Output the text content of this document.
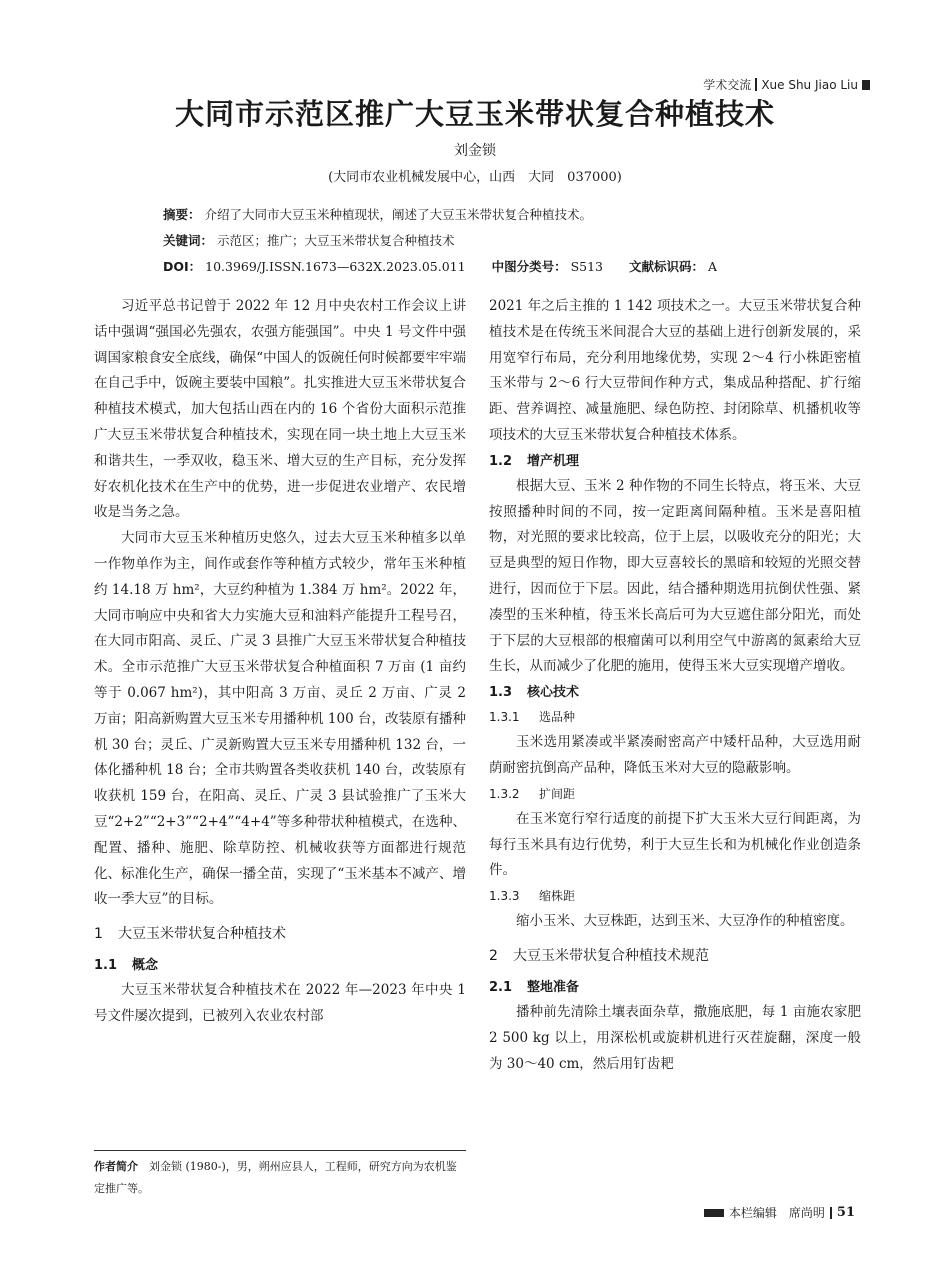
学术交流 Xue Shu Jiao Liu
大同市示范区推广大豆玉米带状复合种植技术
刘金锁
(大同市农业机械发展中心，山西　大同　037000)
摘要： 介绍了大同市大豆玉米种植现状，阐述了大豆玉米带状复合种植技术。
关键词： 示范区；推广；大豆玉米带状复合种植技术
DOI： 10.3969/J.ISSN.1673—632X.2023.05.011 中图分类号： S513 文献标识码： A

习近平总书记曾于 2022 年 12 月中央农村工作会议上讲话中强调“强国必先强农，农强方能强国”。中央 1 号文件中强调国家粮食安全底线，确保“中国人的饭碗任何时候都要牢牢端在自己手中，饭碗主要装中国粮”。扎实推进大豆玉米带状复合种植技术模式，加大包括山西在内的 16 个省份大面积示范推广大豆玉米带状复合种植技术，实现在同一块土地上大豆玉米和谐共生，一季双收，稳玉米、增大豆的生产目标，充分发挥好农机化技术在生产中的优势，进一步促进农业增产、农民增收是当务之急。

大同市大豆玉米种植历史悠久，过去大豆玉米种植多以单一作物单作为主，间作或套作等种植方式较少，常年玉米种植约 14.18 万 hm²，大豆约种植为 1.384 万 hm²。2022 年，大同市响应中央和省大力实施大豆和油料产能提升工程号召，在大同市阳高、灵丘、广灵 3 县推广大豆玉米带状复合种植技术。全市示范推广大豆玉米带状复合种植面积 7 万亩 (1 亩约等于 0.067 hm²)，其中阳高 3 万亩、灵丘 2 万亩、广灵 2 万亩；阳高新购置大豆玉米专用播种机 100 台，改装原有播种机 30 台；灵丘、广灵新购置大豆玉米专用播种机 132 台，一体化播种机 18 台；全市共购置各类收获机 140 台，改装原有收获机 159 台，在阳高、灵丘、广灵 3 县试验推广了玉米大豆“2+2”“2+3”“2+4”“4+4”等多种带状种植模式，在选种、配置、播种、施肥、除草防控、机械收获等方面都进行规范化、标准化生产，确保一播全苗，实现了“玉米基本不减产、增收一季大豆”的目标。

1 大豆玉米带状复合种植技术
1.1 概念

大豆玉米带状复合种植技术在 2022 年—2023 年中央 1 号文件屡次提到，已被列入农业农村部

2021 年之后主推的 1 142 项技术之一。大豆玉米带状复合种植技术是在传统玉米间混合大豆的基础上进行创新发展的，采用宽窄行布局，充分利用地缘优势，实现 2～4 行小株距密植玉米带与 2～6 行大豆带间作种方式，集成品种搭配、扩行缩距、营养调控、减量施肥、绿色防控、封闭除草、机播机收等项技术的大豆玉米带状复合种植技术体系。

1.2 增产机理

根据大豆、玉米 2 种作物的不同生长特点，将玉米、大豆按照播种时间的不同，按一定距离间隔种植。玉米是喜阳植物，对光照的要求比较高，位于上层，以吸收充分的阳光；大豆是典型的短日作物，即大豆喜较长的黑暗和较短的光照交替进行，因而位于下层。因此，结合播种期选用抗倒伏性强、紧凑型的玉米种植，待玉米长高后可为大豆遮住部分阳光，而处于下层的大豆根部的根瘤菌可以利用空气中游离的氮素给大豆生长，从而减少了化肥的施用，使得玉米大豆实现增产增收。

1.3 核心技术
1.3.1 选品种

玉米选用紧凑或半紧凑耐密高产中矮杆品种，大豆选用耐荫耐密抗倒高产品种，降低玉米对大豆的隐蔽影响。

1.3.2 扩间距

在玉米宽行窄行适度的前提下扩大玉米大豆行间距离，为每行玉米具有边行优势，利于大豆生长和为机械化作业创造条件。

1.3.3 缩株距

缩小玉米、大豆株距，达到玉米、大豆净作的种植密度。

2 大豆玉米带状复合种植技术规范
2.1 整地准备

播种前先清除土壤表面杂草，撒施底肥，每 1 亩施农家肥 2 500 kg 以上，用深松机或旋耕机进行灭茬旋翻，深度一般为 30～40 cm，然后用钉齿耙

作者简介　 刘金锁 (1980-)，男，朔州应县人，工程师，研究方向为农机鉴定推广等。
本栏编辑　席尚明 51
